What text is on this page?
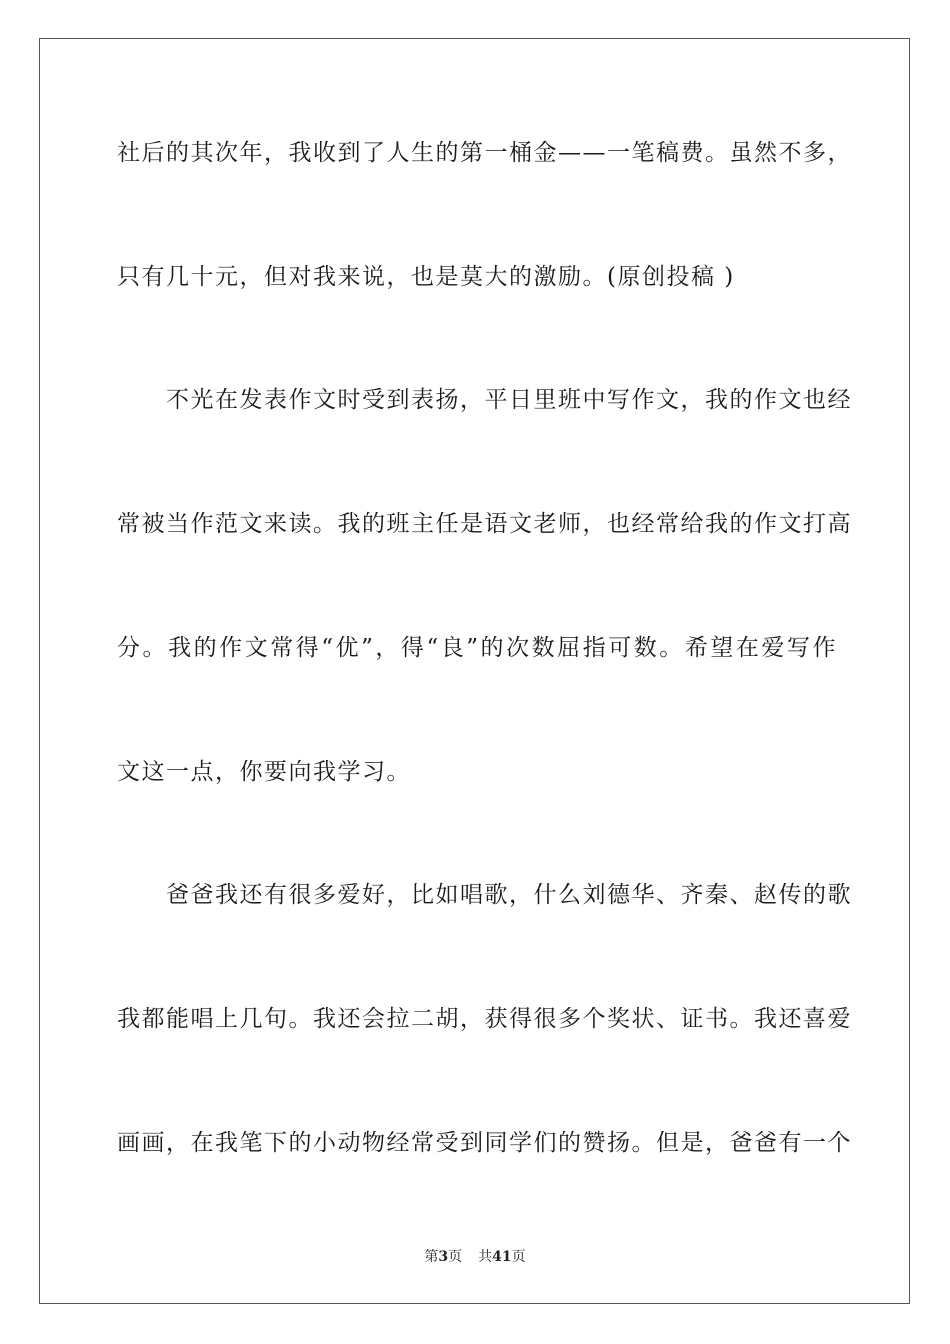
社后的其次年，我收到了人生的第一桶金——一笔稿费。虽然不多，
只有几十元，但对我来说，也是莫大的激励。(原创投稿 )
　　不光在发表作文时受到表扬，平日里班中写作文，我的作文也经
常被当作范文来读。我的班主任是语文老师，也经常给我的作文打高
分。我的作文常得“优”，得“良”的次数屈指可数。希望在爱写作
文这一点，你要向我学习。
　　爸爸我还有很多爱好，比如唱歌，什么刘德华、齐秦、赵传的歌
我都能唱上几句。我还会拉二胡，获得很多个奖状、证书。我还喜爱
画画，在我笔下的小动物经常受到同学们的赞扬。但是，爸爸有一个
第3页 共41页
